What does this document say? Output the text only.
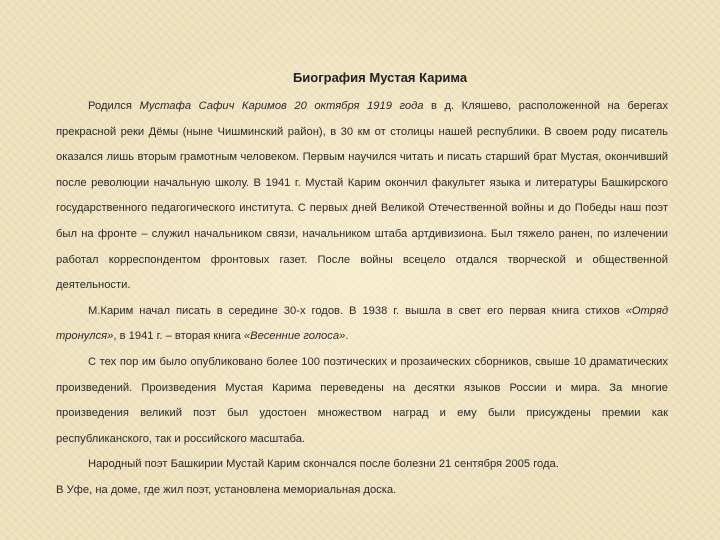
Биография Мустая Карима

Родился Мустафа Сафич Каримов 20 октября 1919 года в д. Кляшево, расположенной на берегах прекрасной реки Дёмы (ныне Чишминский район), в 30 км от столицы нашей республики. В своем роду писатель оказался лишь вторым грамотным человеком. Первым научился читать и писать старший брат Мустая, окончивший после революции начальную школу. В 1941 г. Мустай Карим окончил факультет языка и литературы Башкирского государственного педагогического института. С первых дней Великой Отечественной войны и до Победы наш поэт был на фронте – служил начальником связи, начальником штаба артдивизиона. Был тяжело ранен, по излечении работал корреспондентом фронтовых газет. После войны всецело отдался творческой и общественной деятельности.

М.Карим начал писать в середине 30-х годов. В 1938 г. вышла в свет его первая книга стихов «Отряд тронулся», в 1941 г. – вторая книга «Весенние голоса».

С тех пор им было опубликовано более 100 поэтических и прозаических сборников, свыше 10 драматических произведений. Произведения Мустая Карима переведены на десятки языков России и мира. За многие произведения великий поэт был удостоен множеством наград и ему были присуждены премии как республиканского, так и российского масштаба.

Народный поэт Башкирии Мустай Карим скончался после болезни 21 сентября 2005 года.

В Уфе, на доме, где жил поэт, установлена мемориальная доска.
